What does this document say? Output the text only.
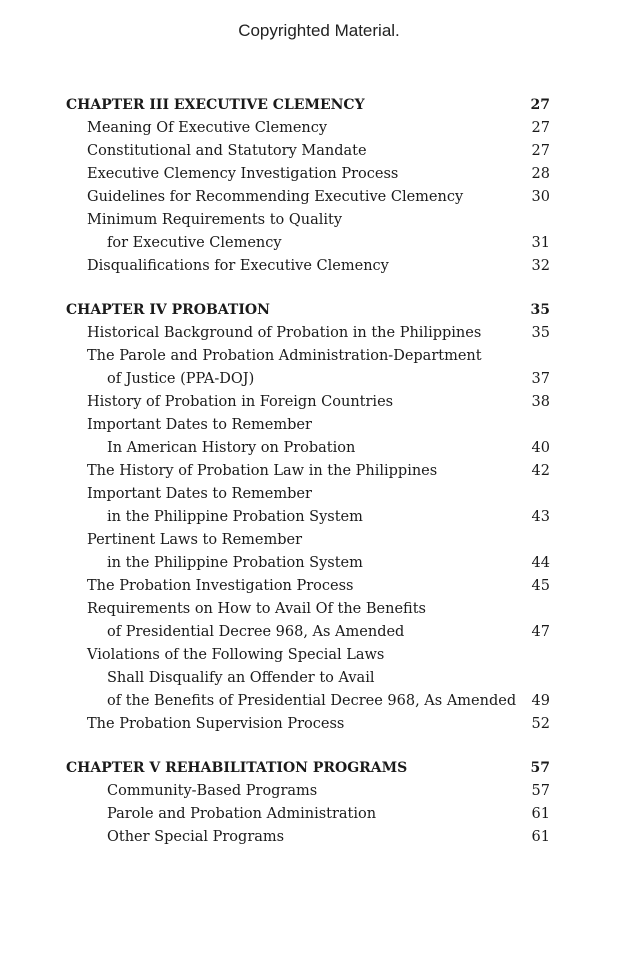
Copyrighted Material.
CHAPTER III EXECUTIVE CLEMENCY	27
Meaning Of Executive Clemency	27
Constitutional and Statutory Mandate	27
Executive Clemency Investigation Process	28
Guidelines for Recommending Executive Clemency	30
Minimum Requirements to Quality
for Executive Clemency	31
Disqualifications for Executive Clemency	32
CHAPTER IV PROBATION	35
Historical Background of Probation in the Philippines	35
The Parole and Probation Administration-Department
of Justice (PPA-DOJ)	37
History of Probation in Foreign Countries	38
Important Dates to Remember
In American History on Probation	40
The History of Probation Law in the Philippines	42
Important Dates to Remember
in the Philippine Probation System	43
Pertinent Laws to Remember
in the Philippine Probation System	44
The Probation Investigation Process	45
Requirements on How to Avail Of the Benefits
of Presidential Decree 968, As Amended	47
Violations of the Following Special Laws
Shall Disqualify an Offender to Avail
of the Benefits of Presidential Decree 968, As Amended 49
The Probation Supervision Process	52
CHAPTER V REHABILITATION PROGRAMS	57
Community-Based Programs	57
Parole and Probation Administration	61
Other Special Programs	61
